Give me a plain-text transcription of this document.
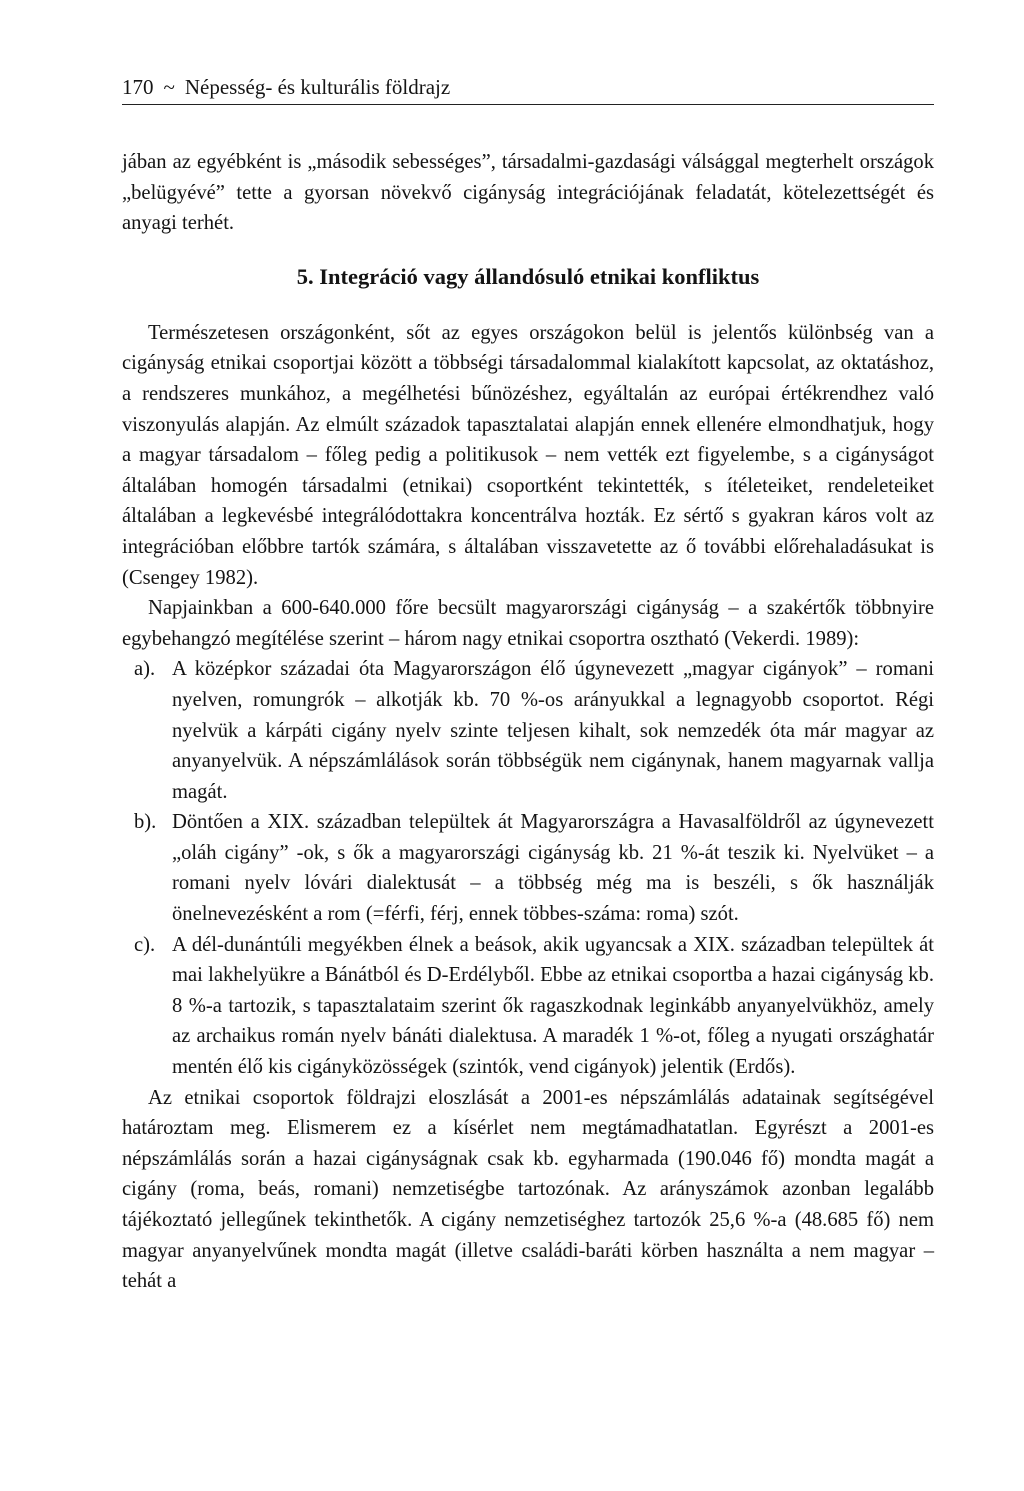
170 ~ Népesség- és kulturális földrajz

jában az egyébként is „második sebességes”, társadalmi-gazdasági válsággal megterhelt országok „belügyévé” tette a gyorsan növekvő cigányság integrációjának feladatát, kötelezettségét és anyagi terhét.

5. Integráció vagy állandósuló etnikai konfliktus

Természetesen országonként, sőt az egyes országokon belül is jelentős különbség van a cigányság etnikai csoportjai között a többségi társadalommal kialakított kapcsolat, az oktatáshoz, a rendszeres munkához, a megélhetési bűnözéshez, egyáltalán az európai értékrendhez való viszonyulás alapján. Az elmúlt századok tapasztalatai alapján ennek ellenére elmondhatjuk, hogy a magyar társadalom – főleg pedig a politikusok – nem vették ezt figyelembe, s a cigányságot általában homogén társadalmi (etnikai) csoportként tekintették, s ítéleteiket, rendeleteiket általában a legkevésbé integrálódottakra koncentrálva hozták. Ez sértő s gyakran káros volt az integrációban előbbre tartók számára, s általában visszavetette az ő további előrehaladásukat is (Csengey 1982).

Napjainkban a 600-640.000 főre becsült magyarországi cigányság – a szakértők többnyire egybehangzó megítélése szerint – három nagy etnikai csoportra osztható (Vekerdi. 1989):

a). A középkor századai óta Magyarországon élő úgynevezett „magyar cigányok” – romani nyelven, romungrók – alkotják kb. 70 %-os arányukkal a legnagyobb csoportot. Régi nyelvük a kárpáti cigány nyelv szinte teljesen kihalt, sok nemzedék óta már magyar az anyanyelvük. A népszámlálások során többségük nem cigánynak, hanem magyarnak vallja magát.
b). Döntően a XIX. században települtek át Magyarországra a Havasalföldről az úgynevezett „oláh cigány” -ok, s ők a magyarországi cigányság kb. 21 %-át teszik ki. Nyelvüket – a romani nyelv lóvári dialektusát – a többség még ma is beszéli, s ők használják önelnevezésként a rom (=férfi, férj, ennek többes-száma: roma) szót.
c). A dél-dunántúli megyékben élnek a beások, akik ugyancsak a XIX. században települtek át mai lakhelyükre a Bánátból és D-Erdélyből. Ebbe az etnikai csoportba a hazai cigányság kb. 8 %-a tartozik, s tapasztalataim szerint ők ragaszkodnak leginkább anyanyelvükhöz, amely az archaikus román nyelv bánáti dialektusa. A maradék 1 %-ot, főleg a nyugati országhatár mentén élő kis cigányközösségek (szintók, vend cigányok) jelentik (Erdős).

Az etnikai csoportok földrajzi eloszlását a 2001-es népszámlálás adatainak segítségével határoztam meg. Elismerem ez a kísérlet nem megtámadhatatlan. Egyrészt a 2001-es népszámlálás során a hazai cigányságnak csak kb. egyharmada (190.046 fő) mondta magát a cigány (roma, beás, romani) nemzetiségbe tartozónak. Az arányszámok azonban legalább tájékoztató jellegűnek tekinthetők. A cigány nemzetiséghez tartozók 25,6 %-a (48.685 fő) nem magyar anyanyelvűnek mondta magát (illetve családi-baráti körben használta a nem magyar – tehát a
